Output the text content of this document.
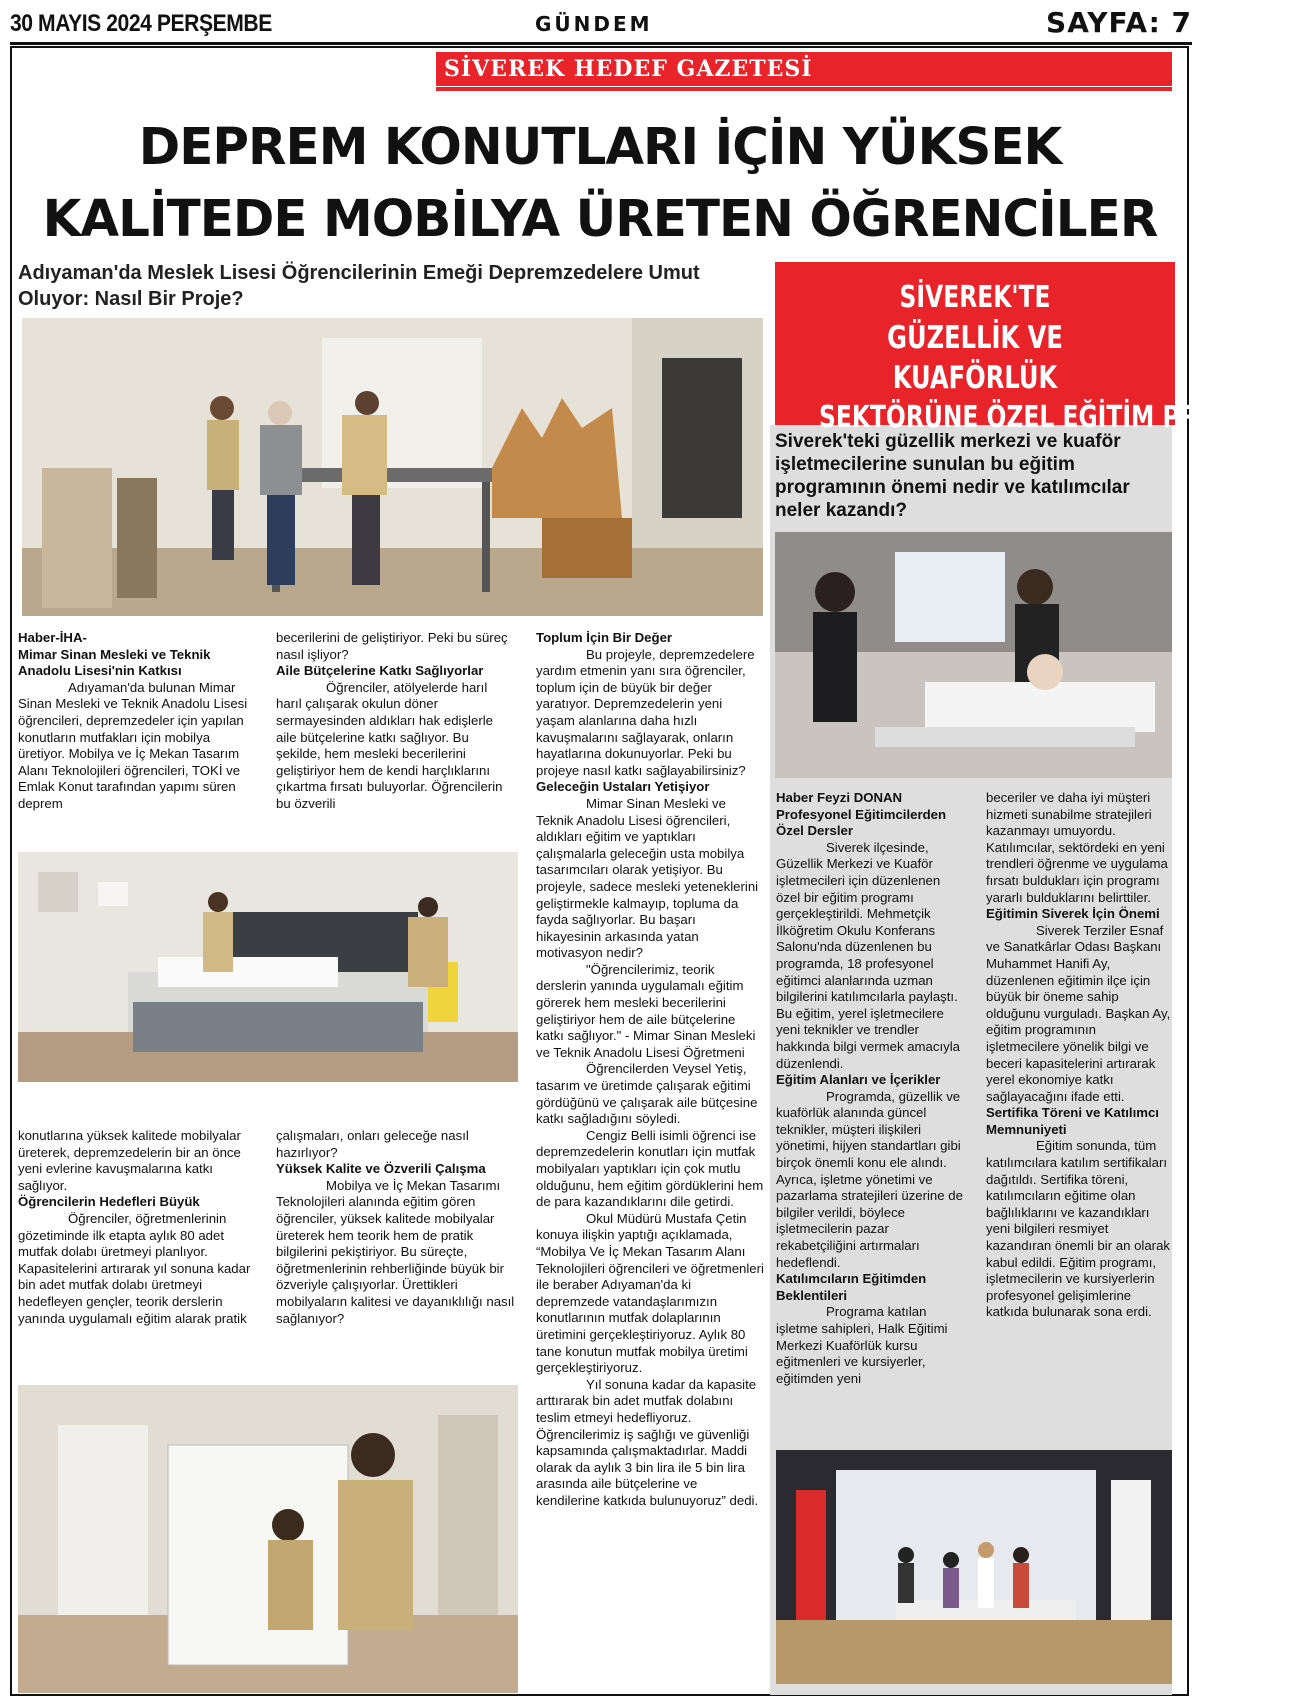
30 MAYIS 2024 PERŞEMBE	GÜNDEM	SAYFA: 7
SİVEREK HEDEF GAZETESİ
DEPREM KONUTLARI İÇİN YÜKSEK
KALİTEDE MOBİLYA ÜRETEN ÖĞRENCİLER
Adıyaman'da Meslek Lisesi Öğrencilerinin Emeği Depremzedelere Umut Oluyor: Nasıl Bir Proje?

Haber-İHA-

Mimar Sinan Mesleki ve Teknik Anadolu Lisesi'nin Katkısı

Adıyaman'da bulunan Mimar Sinan Mesleki ve Teknik Anadolu Lisesi öğrencileri, depremzedeler için yapılan konutların mutfakları için mobilya üretiyor. Mobilya ve İç Mekan Tasarım Alanı Teknolojileri öğrencileri, TOKİ ve Emlak Konut tarafından yapımı süren deprem

becerilerini de geliştiriyor. Peki bu süreç nasıl işliyor?

Aile Bütçelerine Katkı Sağlıyorlar

Öğrenciler, atölyelerde harıl harıl çalışarak okulun döner sermayesinden aldıkları hak edişlerle aile bütçelerine katkı sağlıyor. Bu şekilde, hem mesleki becerilerini geliştiriyor hem de kendi harçlıklarını çıkartma fırsatı buluyorlar. Öğrencilerin bu özverili

konutlarına yüksek kalitede mobilyalar üreterek, depremzedelerin bir an önce yeni evlerine kavuşmalarına katkı sağlıyor.

Öğrencilerin Hedefleri Büyük

Öğrenciler, öğretmenlerinin gözetiminde ilk etapta aylık 80 adet mutfak dolabı üretmeyi planlıyor. Kapasitelerini artırarak yıl sonuna kadar bin adet mutfak dolabı üretmeyi hedefleyen gençler, teorik derslerin yanında uygulamalı eğitim alarak pratik

çalışmaları, onları geleceğe nasıl hazırlıyor?

Yüksek Kalite ve Özverili Çalışma

Mobilya ve İç Mekan Tasarımı Teknolojileri alanında eğitim gören öğrenciler, yüksek kalitede mobilyalar üreterek hem teorik hem de pratik bilgilerini pekiştiriyor. Bu süreçte, öğretmenlerinin rehberliğinde büyük bir özveriyle çalışıyorlar. Ürettikleri mobilyaların kalitesi ve dayanıklılığı nasıl sağlanıyor?

Toplum İçin Bir Değer

Bu projeyle, depremzedelere yardım etmenin yanı sıra öğrenciler, toplum için de büyük bir değer yaratıyor. Depremzedelerin yeni yaşam alanlarına daha hızlı kavuşmalarını sağlayarak, onların hayatlarına dokunuyorlar. Peki bu projeye nasıl katkı sağlayabilirsiniz?

Geleceğin Ustaları Yetişiyor

Mimar Sinan Mesleki ve Teknik Anadolu Lisesi öğrencileri, aldıkları eğitim ve yaptıkları çalışmalarla geleceğin usta mobilya tasarımcıları olarak yetişiyor. Bu projeyle, sadece mesleki yeteneklerini geliştirmekle kalmayıp, topluma da fayda sağlıyorlar. Bu başarı hikayesinin arkasında yatan motivasyon nedir?

"Öğrencilerimiz, teorik derslerin yanında uygulamalı eğitim görerek hem mesleki becerilerini geliştiriyor hem de aile bütçelerine katkı sağlıyor." - Mimar Sinan Mesleki ve Teknik Anadolu Lisesi Öğretmeni

Öğrencilerden Veysel Yetiş, tasarım ve üretimde çalışarak eğitimi gördüğünü ve çalışarak aile bütçesine katkı sağladığını söyledi.

Cengiz Belli isimli öğrenci ise depremzedelerin konutları için mutfak mobilyaları yaptıkları için çok mutlu olduğunu, hem eğitim gördüklerini hem de para kazandıklarını dile getirdi.

Okul Müdürü Mustafa Çetin konuya ilişkin yaptığı açıklamada, “Mobilya Ve İç Mekan Tasarım Alanı Teknolojileri öğrencileri ve öğretmenleri ile beraber Adıyaman'da ki depremzede vatandaşlarımızın konutlarının mutfak dolaplarının üretimini gerçekleştiriyoruz. Aylık 80 tane konutun mutfak mobilya üretimi gerçekleştiriyoruz.

Yıl sonuna kadar da kapasite arttırarak bin adet mutfak dolabını teslim etmeyi hedefliyoruz. Öğrencilerimiz iş sağlığı ve güvenliği kapsamında çalışmaktadırlar. Maddi olarak da aylık 3 bin lira ile 5 bin lira arasında aile bütçelerine ve kendilerine katkıda bulunuyoruz” dedi.

SİVEREK'TE
GÜZELLİK VE KUAFÖRLÜK
SEKTÖRÜNE ÖZEL EĞİTİM PROGRAMI
Siverek'teki güzellik merkezi ve kuaför işletmecilerine sunulan bu eğitim programının önemi nedir ve katılımcılar neler kazandı?

Haber Feyzi DONAN

Profesyonel Eğitimcilerden Özel Dersler

Siverek ilçesinde, Güzellik Merkezi ve Kuaför işletmecileri için düzenlenen özel bir eğitim programı gerçekleştirildi. Mehmetçik İlköğretim Okulu Konferans Salonu'nda düzenlenen bu programda, 18 profesyonel eğitimci alanlarında uzman bilgilerini katılımcılarla paylaştı. Bu eğitim, yerel işletmecilere yeni teknikler ve trendler hakkında bilgi vermek amacıyla düzenlendi.

Eğitim Alanları ve İçerikler

Programda, güzellik ve kuaförlük alanında güncel teknikler, müşteri ilişkileri yönetimi, hijyen standartları gibi birçok önemli konu ele alındı. Ayrıca, işletme yönetimi ve pazarlama stratejileri üzerine de bilgiler verildi, böylece işletmecilerin pazar rekabetçiliğini artırmaları hedeflendi.

Katılımcıların Eğitimden Beklentileri

Programa katılan işletme sahipleri, Halk Eğitimi Merkezi Kuaförlük kursu eğitmenleri ve kursiyerler, eğitimden yeni

beceriler ve daha iyi müşteri hizmeti sunabilme stratejileri kazanmayı umuyordu. Katılımcılar, sektördeki en yeni trendleri öğrenme ve uygulama fırsatı buldukları için programı yararlı bulduklarını belirttiler.

Eğitimin Siverek İçin Önemi

Siverek Terziler Esnaf ve Sanatkârlar Odası Başkanı Muhammet Hanifi Ay, düzenlenen eğitimin ilçe için büyük bir öneme sahip olduğunu vurguladı. Başkan Ay, eğitim programının işletmecilere yönelik bilgi ve beceri kapasitelerini artırarak yerel ekonomiye katkı sağlayacağını ifade etti.

Sertifika Töreni ve Katılımcı Memnuniyeti

Eğitim sonunda, tüm katılımcılara katılım sertifikaları dağıtıldı. Sertifika töreni, katılımcıların eğitime olan bağlılıklarını ve kazandıkları yeni bilgileri resmiyet kazandıran önemli bir an olarak kabul edildi. Eğitim programı, işletmecilerin ve kursiyerlerin profesyonel gelişimlerine katkıda bulunarak sona erdi.
